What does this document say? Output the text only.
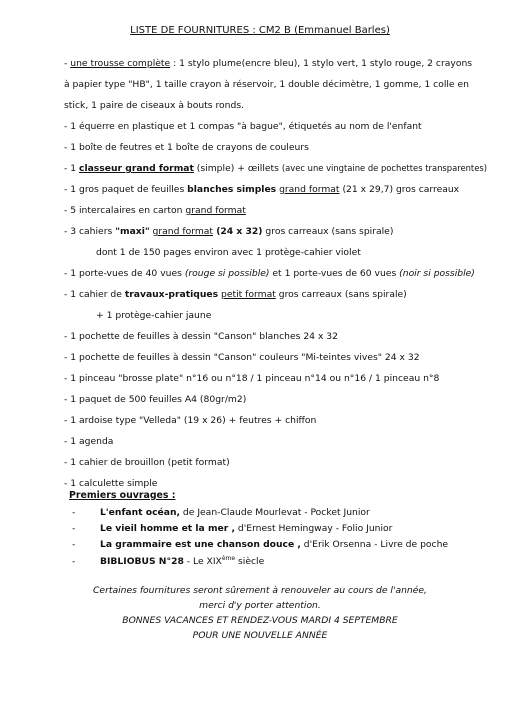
LISTE DE FOURNITURES : CM2 B (Emmanuel Barles)
- une trousse complète : 1 stylo plume(encre bleu), 1 stylo vert, 1 stylo rouge, 2 crayons
à papier type "HB", 1 taille crayon à réservoir, 1 double décimètre, 1 gomme, 1 colle en
stick, 1 paire de ciseaux à bouts ronds.
- 1 équerre en plastique et 1 compas "à bague", étiquetés au nom de l'enfant
- 1 boîte de feutres et 1 boîte de crayons de couleurs
- 1 classeur grand format (simple) + œillets (avec une vingtaine de pochettes transparentes)
- 1 gros paquet de feuilles blanches simples grand format (21 x 29,7) gros carreaux
- 5 intercalaires en carton grand format
- 3 cahiers "maxi" grand format (24 x 32) gros carreaux (sans spirale)
dont 1 de 150 pages environ avec 1 protège-cahier violet
- 1 porte-vues de 40 vues (rouge si possible) et 1 porte-vues de 60 vues (noir si possible)
- 1 cahier de travaux-pratiques petit format gros carreaux (sans spirale)
+ 1 protège-cahier jaune
- 1 pochette de feuilles à dessin "Canson" blanches 24 x 32
- 1 pochette de feuilles à dessin "Canson" couleurs "Mi-teintes vives" 24 x 32
- 1 pinceau "brosse plate" n°16 ou n°18 / 1 pinceau n°14 ou n°16 / 1 pinceau n°8
- 1 paquet de 500 feuilles A4 (80gr/m2)
- 1 ardoise type "Velleda" (19 x 26) + feutres + chiffon
- 1 agenda
- 1 cahier de brouillon (petit format)
- 1 calculette simple
Premiers ouvrages :
-	L'enfant océan, de Jean-Claude Mourlevat - Pocket Junior
-	Le vieil homme et la mer , d'Ernest Hemingway - Folio Junior
-	La grammaire est une chanson douce , d'Erik Orsenna - Livre de poche
-	BIBLIOBUS N°28 - Le XIXème siècle
Certaines fournitures seront sûrement à renouveler au cours de l'année,
merci d'y porter attention.
BONNES VACANCES ET RENDEZ-VOUS MARDI 4 SEPTEMBRE
POUR UNE NOUVELLE ANNÉE
